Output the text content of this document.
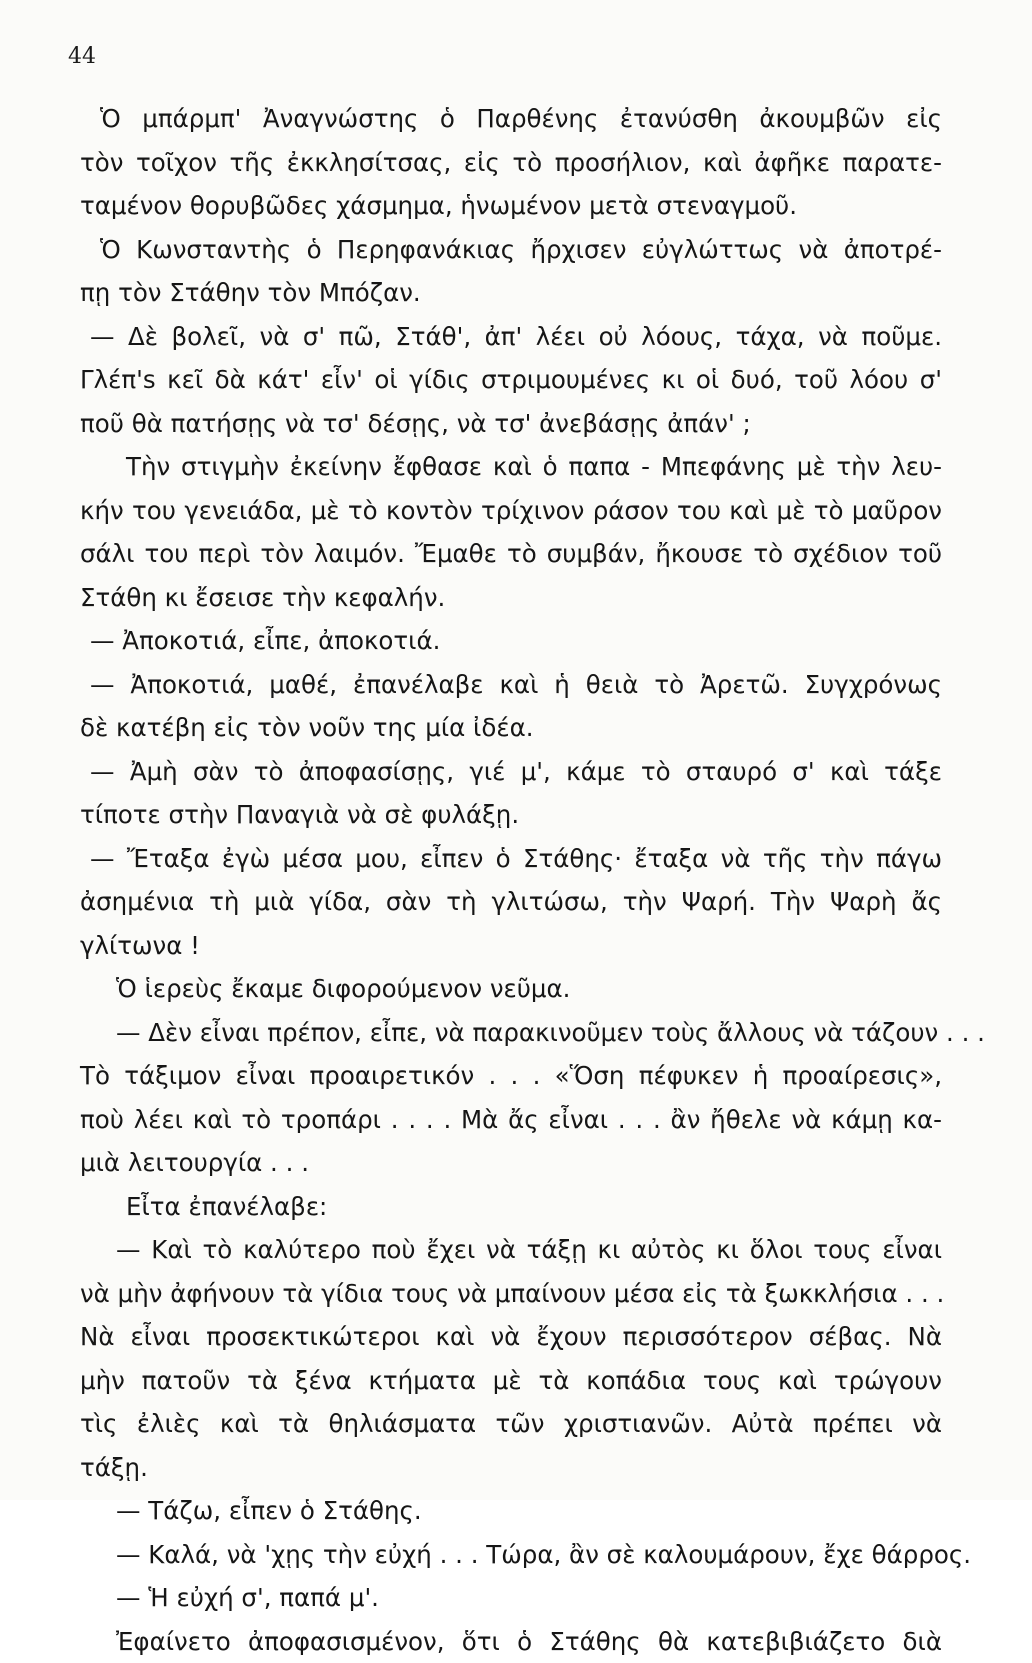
44
Ὁ μπάρμπ' Ἀναγνώστης ὁ Παρθένης ἐτανύσθη ἀκουμβῶν εἰς
τὸν τοῖχον τῆς ἐκκλησίτσας, εἰς τὸ προσήλιον, καὶ ἀφῆκε παρατε-
ταμένον θορυβῶδες χάσμημα, ἡνωμένον μετὰ στεναγμοῦ.
Ὁ Κωνσταντὴς ὁ Περηφανάκιας ἤρχισεν εὐγλώττως νὰ ἀποτρέ-
πῃ τὸν Στάθην τὸν Μπόζαν.
— Δὲ βολεῖ, νὰ σ' πῶ, Στάθ', ἀπ' λέει οὐ λόους, τάχα, νὰ ποῦμε.
Γλέπ's κεῖ δὰ κάτ' εἶν' οἱ γίδις στριμουμένες κι οἱ δυό, τοῦ λόου σ'
ποῦ θὰ πατήσῃς νὰ τσ' δέσῃς, νὰ τσ' ἀνεβάσῃς ἀπάν' ;
Τὴν στιγμὴν ἐκείνην ἔφθασε καὶ ὁ παπα - Μπεφάνης μὲ τὴν λευ-
κήν του γενειάδα, μὲ τὸ κοντὸν τρίχινον ράσον του καὶ μὲ τὸ μαῦρον
σάλι του περὶ τὸν λαιμόν. Ἔμαθε τὸ συμβάν, ἤκουσε τὸ σχέδιον τοῦ
Στάθη κι ἔσεισε τὴν κεφαλήν.
— Ἀποκοτιά, εἶπε, ἀποκοτιά.
— Ἀποκοτιά, μαθέ, ἐπανέλαβε καὶ ἡ θειὰ τὸ Ἀρετῶ. Συγχρόνως
δὲ κατέβη εἰς τὸν νοῦν της μία ἰδέα.
— Ἀμὴ σὰν τὸ ἀποφασίσῃς, γιέ μ', κάμε τὸ σταυρό σ' καὶ τάξε
τίποτε στὴν Παναγιὰ νὰ σὲ φυλάξῃ.
— Ἔταξα ἐγὼ μέσα μου, εἶπεν ὁ Στάθης· ἔταξα νὰ τῆς τὴν πάγω
ἀσημένια τὴ μιὰ γίδα, σὰν τὴ γλιτώσω, τὴν Ψαρή. Τὴν Ψαρὴ ἄς
γλίτωνα !
Ὁ ἱερεὺς ἔκαμε διφορούμενον νεῦμα.
— Δὲν εἶναι πρέπον, εἶπε, νὰ παρακινοῦμεν τοὺς ἄλλους νὰ τάζουν . . .
Τὸ τάξιμον εἶναι προαιρετικόν . . . «Ὅση πέφυκεν ἡ προαίρεσις»,
ποὺ λέει καὶ τὸ τροπάρι . . . . Μὰ ἄς εἶναι . . . ἂν ἤθελε νὰ κάμῃ κα-
μιὰ λειτουργία . . .
Εἶτα ἐπανέλαβε:
— Καὶ τὸ καλύτερο ποὺ ἔχει νὰ τάξῃ κι αὐτὸς κι ὅλοι τους εἶναι
νὰ μὴν ἀφήνουν τὰ γίδια τους νὰ μπαίνουν μέσα εἰς τὰ ξωκκλήσια . . .
Νὰ εἶναι προσεκτικώτεροι καὶ νὰ ἔχουν περισσότερον σέβας. Νὰ
μὴν πατοῦν τὰ ξένα κτήματα μὲ τὰ κοπάδια τους καὶ τρώγουν
τὶς ἐλιὲς καὶ τὰ θηλιάσματα τῶν χριστιανῶν. Αὐτὰ πρέπει νὰ
τάξῃ.
— Τάζω, εἶπεν ὁ Στάθης.
— Καλά, νὰ 'χῃς τὴν εὐχή . . . Τώρα, ἂν σὲ καλουμάρουν, ἔχε θάρρος.
— Ἡ εὐχή σ', παπά μ'.
Ἐφαίνετο ἀποφασισμένον, ὅτι ὁ Στάθης θὰ κατεβιβιάζετο διὰ
